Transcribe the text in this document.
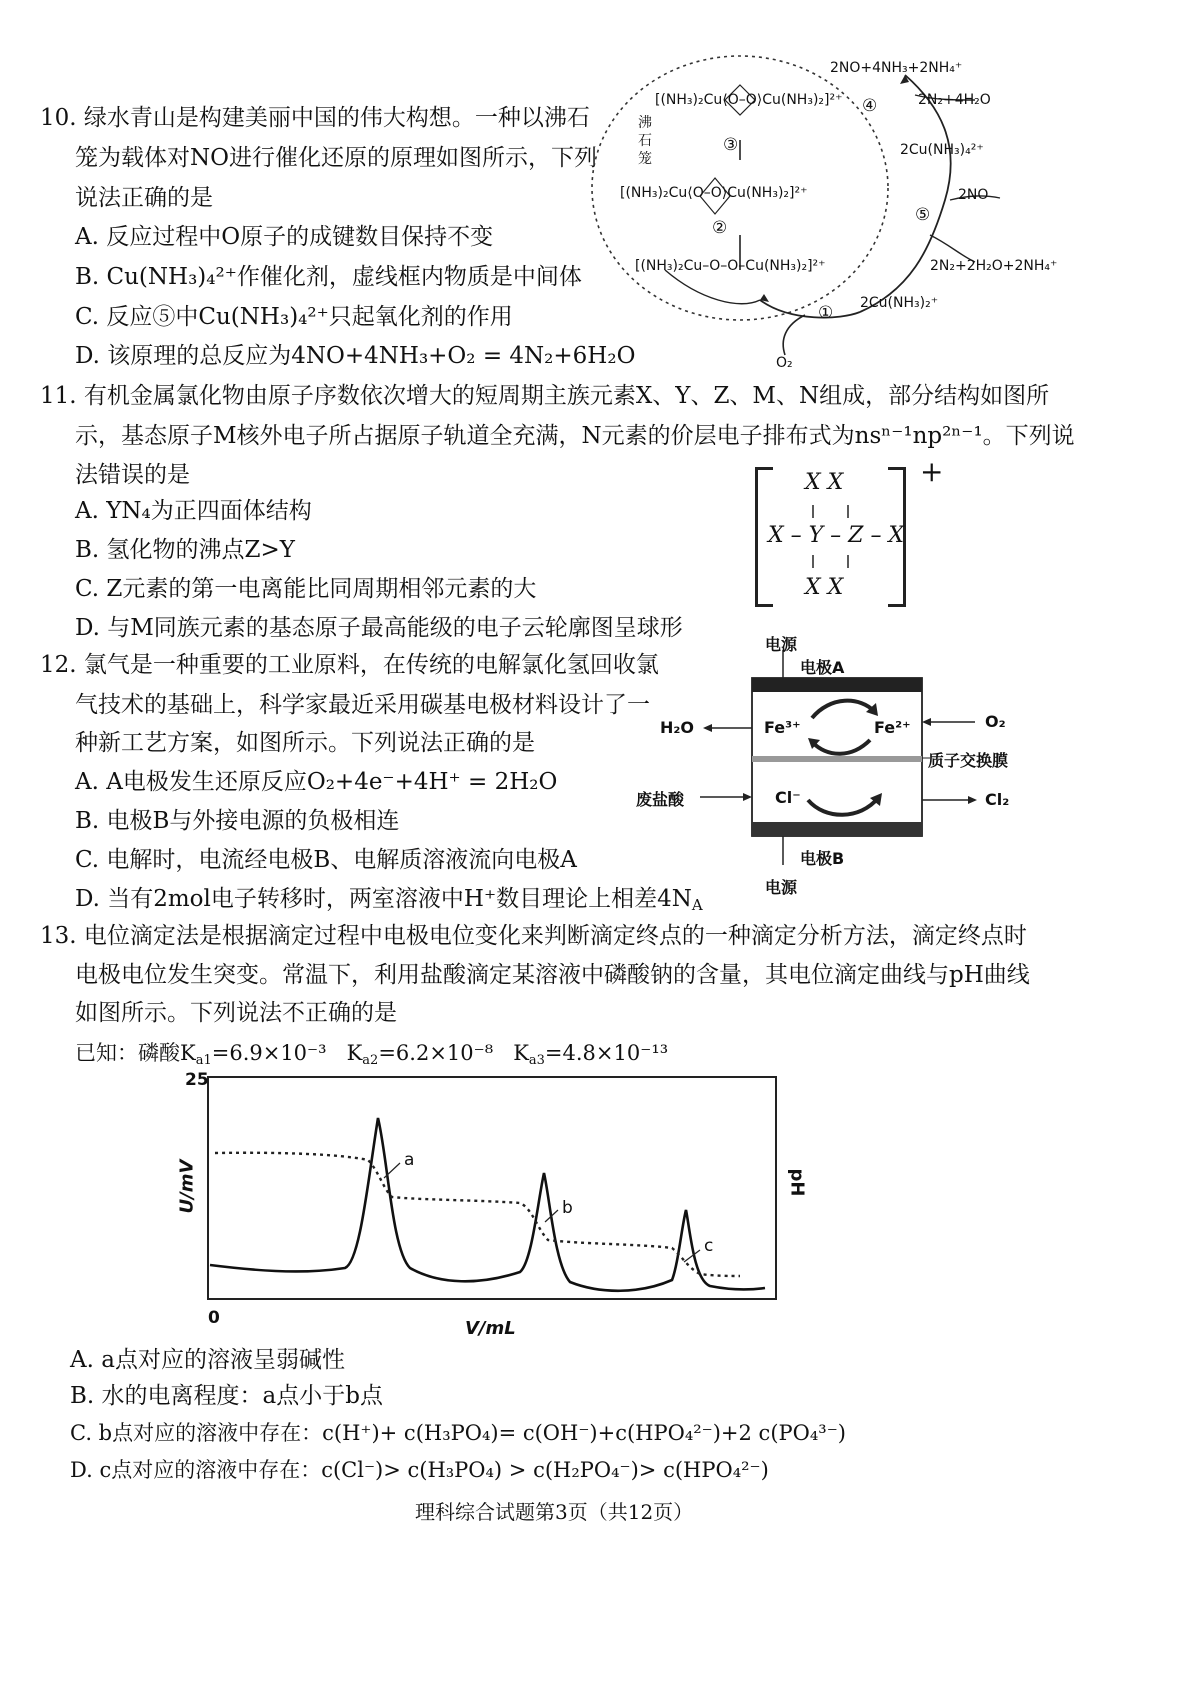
10. 绿水青山是构建美丽中国的伟大构想。一种以沸石
笼为载体对NO进行催化还原的原理如图所示，下列
说法正确的是
A. 反应过程中O原子的成键数目保持不变
B. Cu(NH₃)₄²⁺作催化剂，虚线框内物质是中间体
C. 反应⑤中Cu(NH₃)₄²⁺只起氧化剂的作用
D. 该原理的总反应为4NO+4NH₃+O₂ = 4N₂+6H₂O
沸
石
笼
[(NH₃)₂Cu⟨O–O⟩Cu(NH₃)₂]²⁺
[(NH₃)₂Cu⟨O–O⟩Cu(NH₃)₂]²⁺
[(NH₃)₂Cu–O–O–Cu(NH₃)₂]²⁺
③
②
①
④
⑤
2NO+4NH₃+2NH₄⁺
2N₂+4H₂O
2Cu(NH₃)₄²⁺
2NO
2N₂+2H₂O+2NH₄⁺
2Cu(NH₃)₂⁺
O₂
11. 有机金属氯化物由原子序数依次增大的短周期主族元素X、Y、Z、M、N组成，部分结构如图所
示，基态原子M核外电子所占据原子轨道全充满，N元素的价层电子排布式为nsⁿ⁻¹np²ⁿ⁻¹。下列说
法错误的是
A. YN₄为正四面体结构
B. 氢化物的沸点Z>Y
C. Z元素的第一电离能比同周期相邻元素的大
D. 与M同族元素的基态原子最高能级的电子云轮廓图呈球形
+
X X
X – Y – Z – X
X X
12. 氯气是一种重要的工业原料，在传统的电解氯化氢回收氯
气技术的基础上，科学家最近采用碳基电极材料设计了一
种新工艺方案，如图所示。下列说法正确的是
A. A电极发生还原反应O₂+4e⁻+4H⁺ = 2H₂O
B. 电极B与外接电源的负极相连
C. 电解时，电流经电极B、电解质溶液流向电极A
D. 当有2mol电子转移时，两室溶液中H⁺数目理论上相差4NA
电源
电极A
H₂O	Fe³⁺	Fe²⁺	O₂
质子交换膜
废盐酸	Cl⁻	Cl₂
电极B
电源
13. 电位滴定法是根据滴定过程中电极电位变化来判断滴定终点的一种滴定分析方法，滴定终点时
电极电位发生突变。常温下，利用盐酸滴定某溶液中磷酸钠的含量，其电位滴定曲线与pH曲线
如图所示。下列说法不正确的是
已知：磷酸Ka1=6.9×10⁻³ Ka2=6.2×10⁻⁸ Ka3=4.8×10⁻¹³
25
0	V/mL
U/mV	pH
a
b
c
A. a点对应的溶液呈弱碱性
B. 水的电离程度：a点小于b点
C. b点对应的溶液中存在：c(H⁺)+ c(H₃PO₄)= c(OH⁻)+c(HPO₄²⁻)+2 c(PO₄³⁻)
D. c点对应的溶液中存在：c(Cl⁻)> c(H₃PO₄) > c(H₂PO₄⁻)> c(HPO₄²⁻)
理科综合试题第3页（共12页）
